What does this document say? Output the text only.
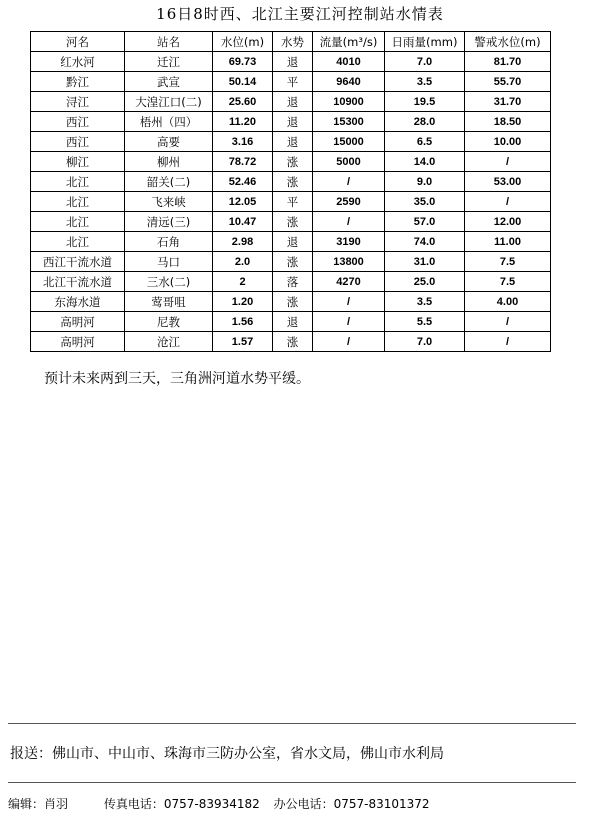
16日8时西、北江主要江河控制站水情表
河名	站名	水位(m)	水势	流量(m³/s)	日雨量(mm)	警戒水位(m)
红水河	迁江	69.73	退	4010	7.0	81.70
黔江	武宣	50.14	平	9640	3.5	55.70
浔江	大湟江口(二)	25.60	退	10900	19.5	31.70
西江	梧州（四）	11.20	退	15300	28.0	18.50
西江	高要	3.16	退	15000	6.5	10.00
柳江	柳州	78.72	涨	5000	14.0	/
北江	韶关(二)	52.46	涨	/	9.0	53.00
北江	飞来峡	12.05	平	2590	35.0	/
北江	清远(三)	10.47	涨	/	57.0	12.00
北江	石角	2.98	退	3190	74.0	11.00
西江干流水道	马口	2.0	涨	13800	31.0	7.5
北江干流水道	三水(二)	2	落	4270	25.0	7.5
东海水道	莺哥咀	1.20	涨	/	3.5	4.00
高明河	尼教	1.56	退	/	5.5	/
高明河	沧江	1.57	涨	/	7.0	/
预计未来两到三天，三角洲河道水势平缓。
报送：佛山市、中山市、珠海市三防办公室，省水文局，佛山市水利局
编辑：肖羽	传真电话：0757-83934182 办公电话：0757-83101372
